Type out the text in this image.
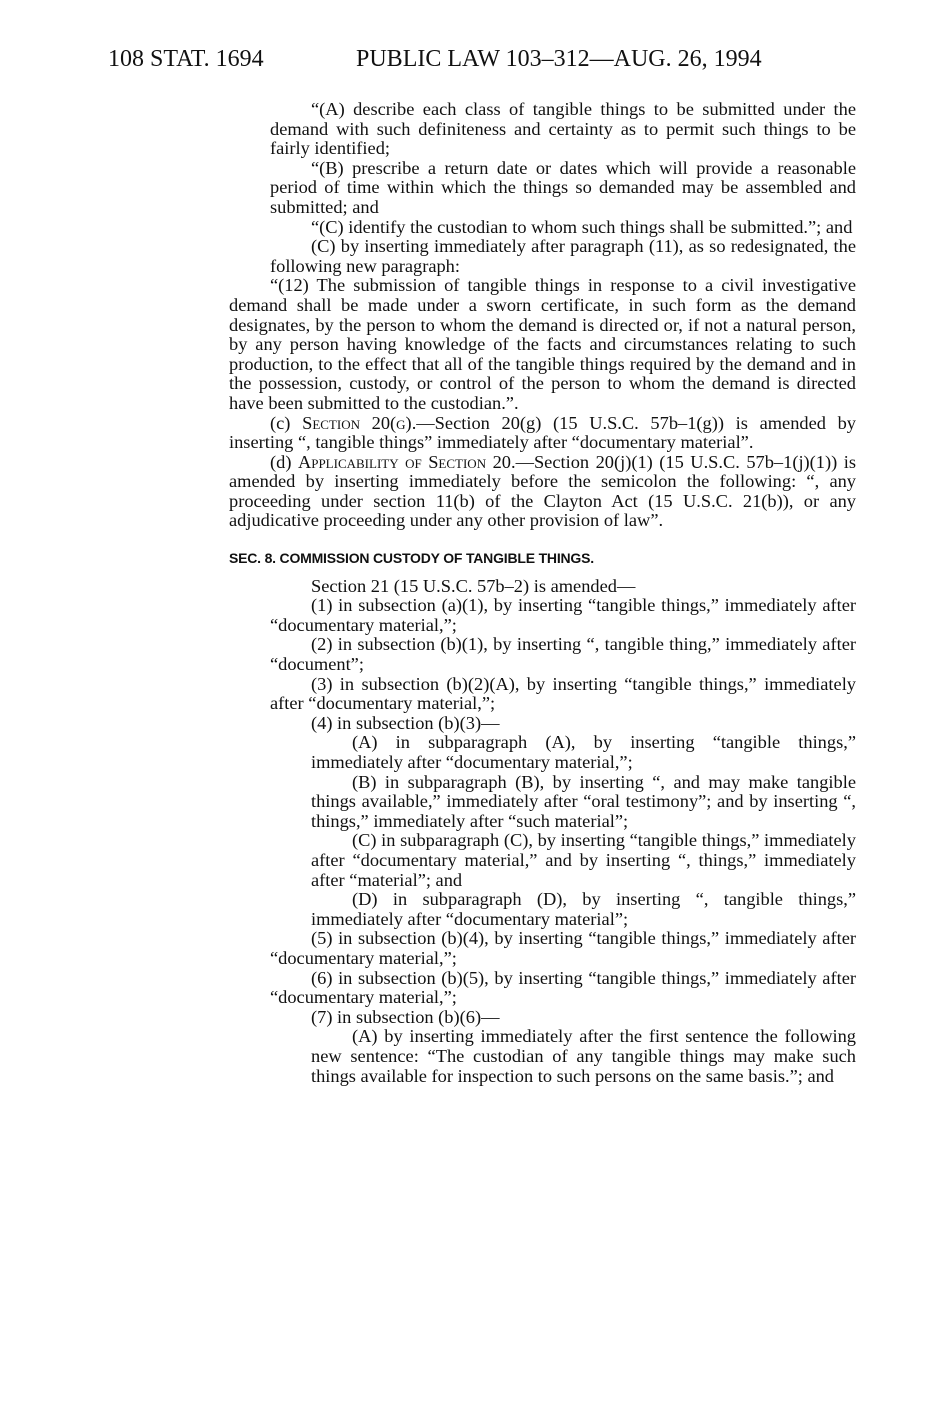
108 STAT. 1694	PUBLIC LAW 103–312—AUG. 26, 1994

“(A) describe each class of tangible things to be submitted under the demand with such definiteness and certainty as to permit such things to be fairly identified;

“(B) prescribe a return date or dates which will provide a reasonable period of time within which the things so demanded may be assembled and submitted; and

“(C) identify the custodian to whom such things shall be submitted.”; and

(C) by inserting immediately after paragraph (11), as so redesignated, the following new paragraph:

“(12) The submission of tangible things in response to a civil investigative demand shall be made under a sworn certificate, in such form as the demand designates, by the person to whom the demand is directed or, if not a natural person, by any person having knowledge of the facts and circumstances relating to such production, to the effect that all of the tangible things required by the demand and in the possession, custody, or control of the person to whom the demand is directed have been submitted to the custodian.”.

(c) Section 20(g).—Section 20(g) (15 U.S.C. 57b–1(g)) is amended by inserting “, tangible things” immediately after “documentary material”.

(d) Applicability of Section 20.—Section 20(j)(1) (15 U.S.C. 57b–1(j)(1)) is amended by inserting immediately before the semicolon the following: “, any proceeding under section 11(b) of the Clayton Act (15 U.S.C. 21(b)), or any adjudicative proceeding under any other provision of law”.

SEC. 8. COMMISSION CUSTODY OF TANGIBLE THINGS.

Section 21 (15 U.S.C. 57b–2) is amended—

(1) in subsection (a)(1), by inserting “tangible things,” immediately after “documentary material,”;

(2) in subsection (b)(1), by inserting “, tangible thing,” immediately after “document”;

(3) in subsection (b)(2)(A), by inserting “tangible things,” immediately after “documentary material,”;

(4) in subsection (b)(3)—

(A) in subparagraph (A), by inserting “tangible things,” immediately after “documentary material,”;

(B) in subparagraph (B), by inserting “, and may make tangible things available,” immediately after “oral testimony”; and by inserting “, things,” immediately after “such material”;

(C) in subparagraph (C), by inserting “tangible things,” immediately after “documentary material,” and by inserting “, things,” immediately after “material”; and

(D) in subparagraph (D), by inserting “, tangible things,” immediately after “documentary material”;

(5) in subsection (b)(4), by inserting “tangible things,” immediately after “documentary material,”;

(6) in subsection (b)(5), by inserting “tangible things,” immediately after “documentary material,”;

(7) in subsection (b)(6)—

(A) by inserting immediately after the first sentence the following new sentence: “The custodian of any tangible things may make such things available for inspection to such persons on the same basis.”; and
